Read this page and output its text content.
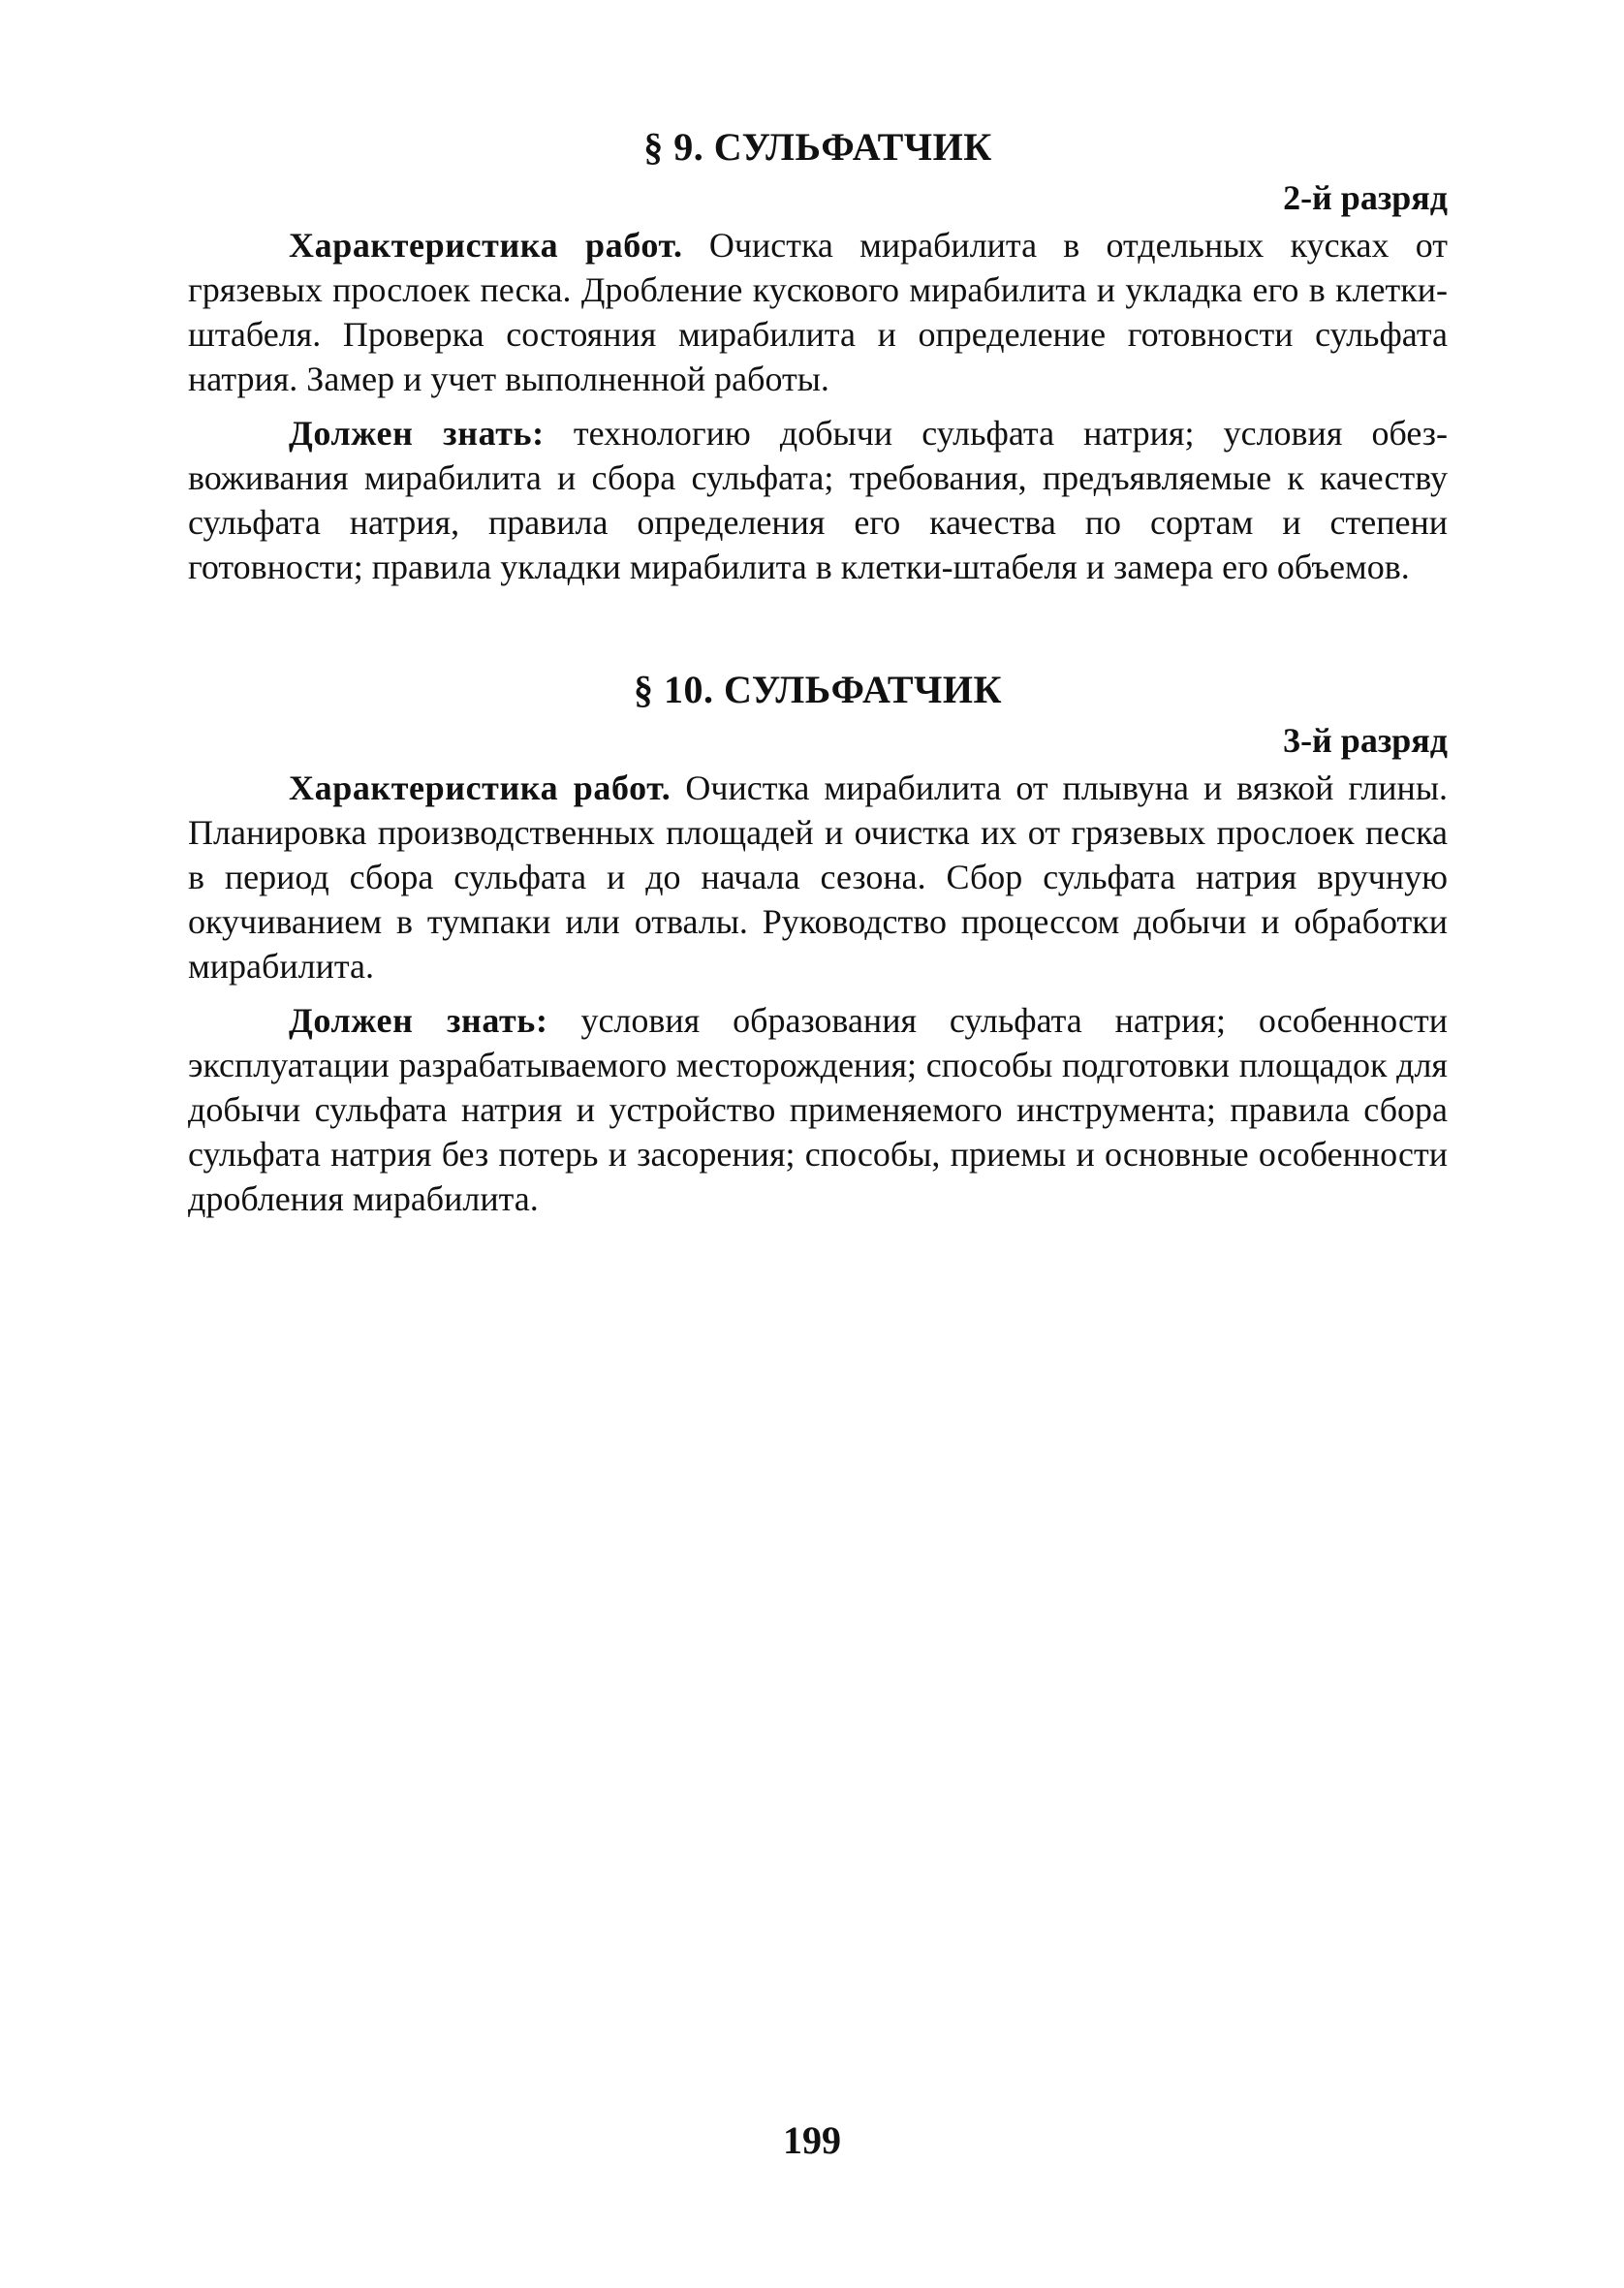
§ 9. СУЛЬФАТЧИК
2-й разряд

Характеристика работ. Очистка мирабилита в отдельных кусках от грязевых прослоек песка. Дробление кускового мирабилита и укладка его в клетки-штабеля. Проверка состояния мирабилита и определение готовности сульфата натрия. Замер и учет выполненной работы.

Должен знать: технологию добычи сульфата натрия; условия обезвоживания мирабилита и сбора сульфата; требования, предъявляемые к качеству сульфата натрия, правила определения его качества по сортам и степени готовности; правила укладки мирабилита в клетки-штабеля и замера его объемов.

§ 10. СУЛЬФАТЧИК
3-й разряд

Характеристика работ. Очистка мирабилита от плывуна и вязкой глины. Планировка производственных площадей и очистка их от грязевых прослоек песка в период сбора сульфата и до начала сезона. Сбор сульфата натрия вручную окучиванием в тумпаки или отвалы. Руководство процессом добычи и обработки мирабилита.

Должен знать: условия образования сульфата натрия; особенности эксплуатации разрабатываемого месторождения; способы подготовки площадок для добычи сульфата натрия и устройство применяемого инструмента; правила сбора сульфата натрия без потерь и засорения; способы, приемы и основные особенности дробления мирабилита.

199
